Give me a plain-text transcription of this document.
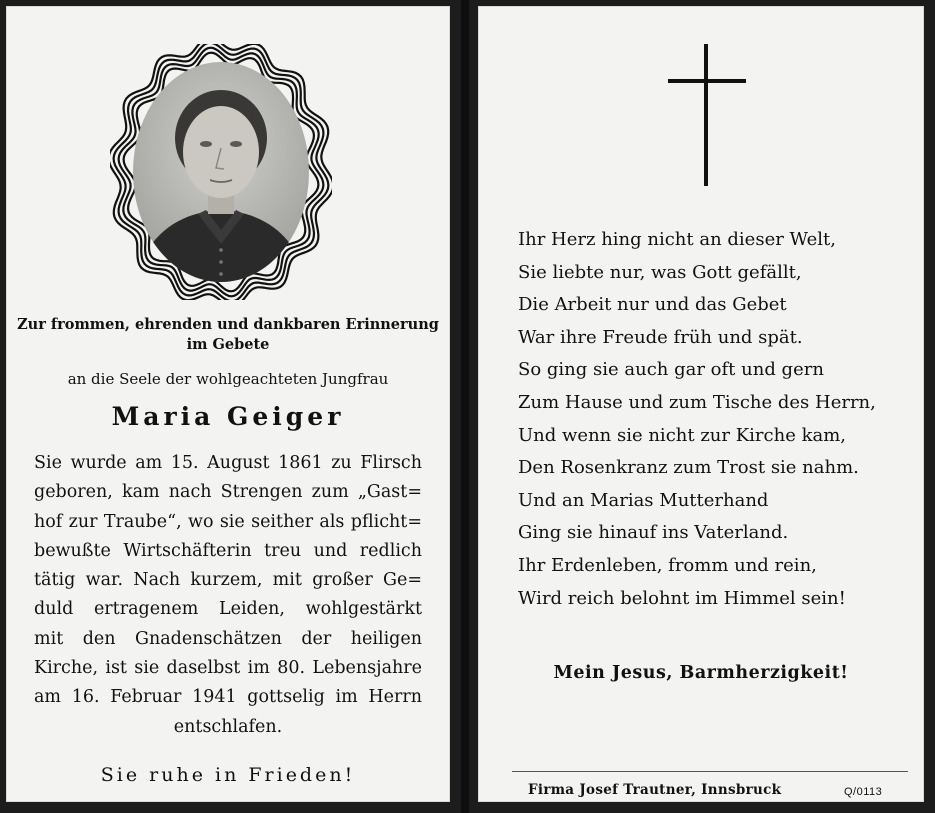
Zur frommen, ehrenden und dankbaren Erinnerung
im Gebete
an die Seele der wohlgeachteten Jungfrau
Maria Geiger
Sie wurde am 15. August 1861 zu Flirsch
geboren, kam nach Strengen zum „Gast=
hof zur Traube“, wo sie seither als pflicht=
bewußte Wirtschäfterin treu und redlich
tätig war. Nach kurzem, mit großer Ge=
duld ertragenem Leiden, wohlgestärkt
mit den Gnadenschätzen der heiligen
Kirche, ist sie daselbst im 80. Lebensjahre
am 16. Februar 1941 gottselig im Herrn
entschlafen.
Sie ruhe in Frieden!
Ihr Herz hing nicht an dieser Welt,
Sie liebte nur, was Gott gefällt,
Die Arbeit nur und das Gebet
War ihre Freude früh und spät.
So ging sie auch gar oft und gern
Zum Hause und zum Tische des Herrn,
Und wenn sie nicht zur Kirche kam,
Den Rosenkranz zum Trost sie nahm.
Und an Marias Mutterhand
Ging sie hinauf ins Vaterland.
Ihr Erdenleben, fromm und rein,
Wird reich belohnt im Himmel sein!
Mein Jesus, Barmherzigkeit!
Firma Josef Trautner, Innsbruck	Q/0113
